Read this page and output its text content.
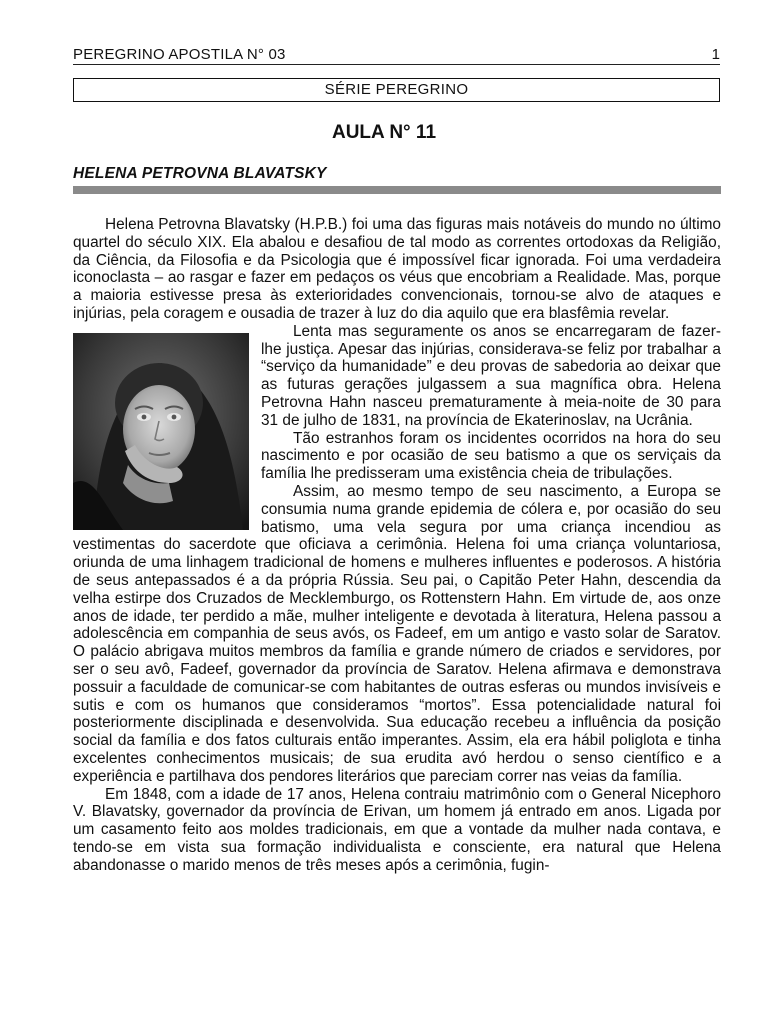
PEREGRINO APOSTILA N° 03	1
SÉRIE PEREGRINO
AULA N° 11
HELENA PETROVNA BLAVATSKY

Helena Petrovna Blavatsky (H.P.B.) foi uma das figuras mais notáveis do mundo no último quartel do século XIX. Ela abalou e desafiou de tal modo as correntes ortodoxas da Religião, da Ciência, da Filosofia e da Psicologia que é impossível ficar ignorada. Foi uma verdadeira iconoclasta – ao rasgar e fazer em pedaços os véus que encobriam a Realidade. Mas, porque a maioria estivesse presa às exterioridades convencionais, tornou-se alvo de ataques e injúrias, pela coragem e ousadia de trazer à luz do dia aquilo que era blasfêmia revelar.

Lenta mas seguramente os anos se encarregaram de fazer-lhe justiça. Apesar das injúrias, considerava-se feliz por trabalhar a “serviço da humanidade” e deu provas de sabedoria ao deixar que as futuras gerações julgassem a sua magnífica obra. Helena Petrovna Hahn nasceu prematuramente à meia-noite de 30 para 31 de julho de 1831, na província de Ekaterinoslav, na Ucrânia.

Tão estranhos foram os incidentes ocorridos na hora do seu nascimento e por ocasião de seu batismo a que os serviçais da família lhe predisseram uma existência cheia de tribulações.

Assim, ao mesmo tempo de seu nascimento, a Europa se consumia numa grande epidemia de cólera e, por ocasião do seu batismo, uma vela segura por uma criança incendiou as vestimentas do sacerdote que oficiava a cerimônia. Helena foi uma criança voluntariosa, oriunda de uma linhagem tradicional de homens e mulheres influentes e poderosos. A história de seus antepassados é a da própria Rússia. Seu pai, o Capitão Peter Hahn, descendia da velha estirpe dos Cruzados de Mecklemburgo, os Rottenstern Hahn. Em virtude de, aos onze anos de idade, ter perdido a mãe, mulher inteligente e devotada à literatura, Helena passou a adolescência em companhia de seus avós, os Fadeef, em um antigo e vasto solar de Saratov. O palácio abrigava muitos membros da família e grande número de criados e servidores, por ser o seu avô, Fadeef, governador da província de Saratov. Helena afirmava e demonstrava possuir a faculdade de comunicar-se com habitantes de outras esferas ou mundos invisíveis e sutis e com os humanos que consideramos “mortos”. Essa potencialidade natural foi posteriormente disciplinada e desenvolvida. Sua educação recebeu a influência da posição social da família e dos fatos culturais então imperantes. Assim, ela era hábil poliglota e tinha excelentes conhecimentos musicais; de sua erudita avó herdou o senso científico e a experiência e partilhava dos pendores literários que pareciam correr nas veias da família.

Em 1848, com a idade de 17 anos, Helena contraiu matrimônio com o General Nicephoro V. Blavatsky, governador da província de Erivan, um homem já entrado em anos. Ligada por um casamento feito aos moldes tradicionais, em que a vontade da mulher nada contava, e tendo-se em vista sua formação individualista e consciente, era natural que Helena abandonasse o marido menos de três meses após a cerimônia, fugin-
